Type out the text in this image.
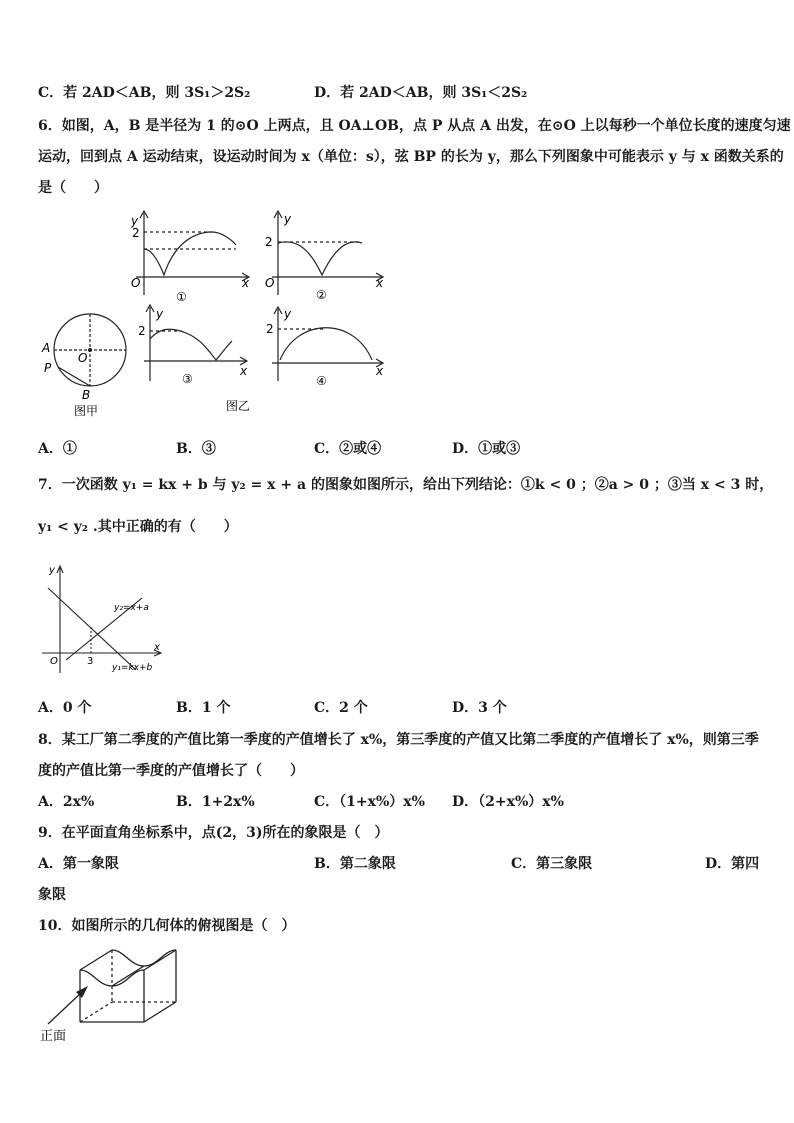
C．若 2AD＜AB，则 3S₁＞2S₂	D．若 2AD＜AB，则 3S₁＜2S₂
6．如图，A，B 是半径为 1 的⊙O 上两点，且 OA⊥OB，点 P 从点 A 出发，在⊙O 上以每秒一个单位长度的速度匀速
运动，回到点 A 运动结束，设运动时间为 x（单位：s），弦 BP 的长为 y，那么下列图象中可能表示 y 与 x 函数关系的
是（　　）
y
2
O	x
①
y
2
O	x
②
A
O
P
B
图甲
y
2
x
③
y
2
x
④
图乙
A．①	B．③	C．②或④	D．①或③
7．一次函数 y₁ = kx + b 与 y₂ = x + a 的图象如图所示，给出下列结论：①k < 0 ；②a > 0 ；③当 x < 3 时，
y₁ < y₂ .其中正确的有（　　）
y
x
O	3
y₂=x+a
y₁=kx+b
A．0 个	B．1 个	C．2 个	D．3 个
8．某工厂第二季度的产值比第一季度的产值增长了 x%，第三季度的产值又比第二季度的产值增长了 x%，则第三季
度的产值比第一季度的产值增长了（　　）
A．2x%	B．1+2x%	C．（1+x%）x% D．（2+x%）x%
9．在平面直角坐标系中，点(2，3)所在的象限是（　）
A．第一象限	B．第二象限	C．第三象限	D．第四
象限
10．如图所示的几何体的俯视图是（　）
正面
